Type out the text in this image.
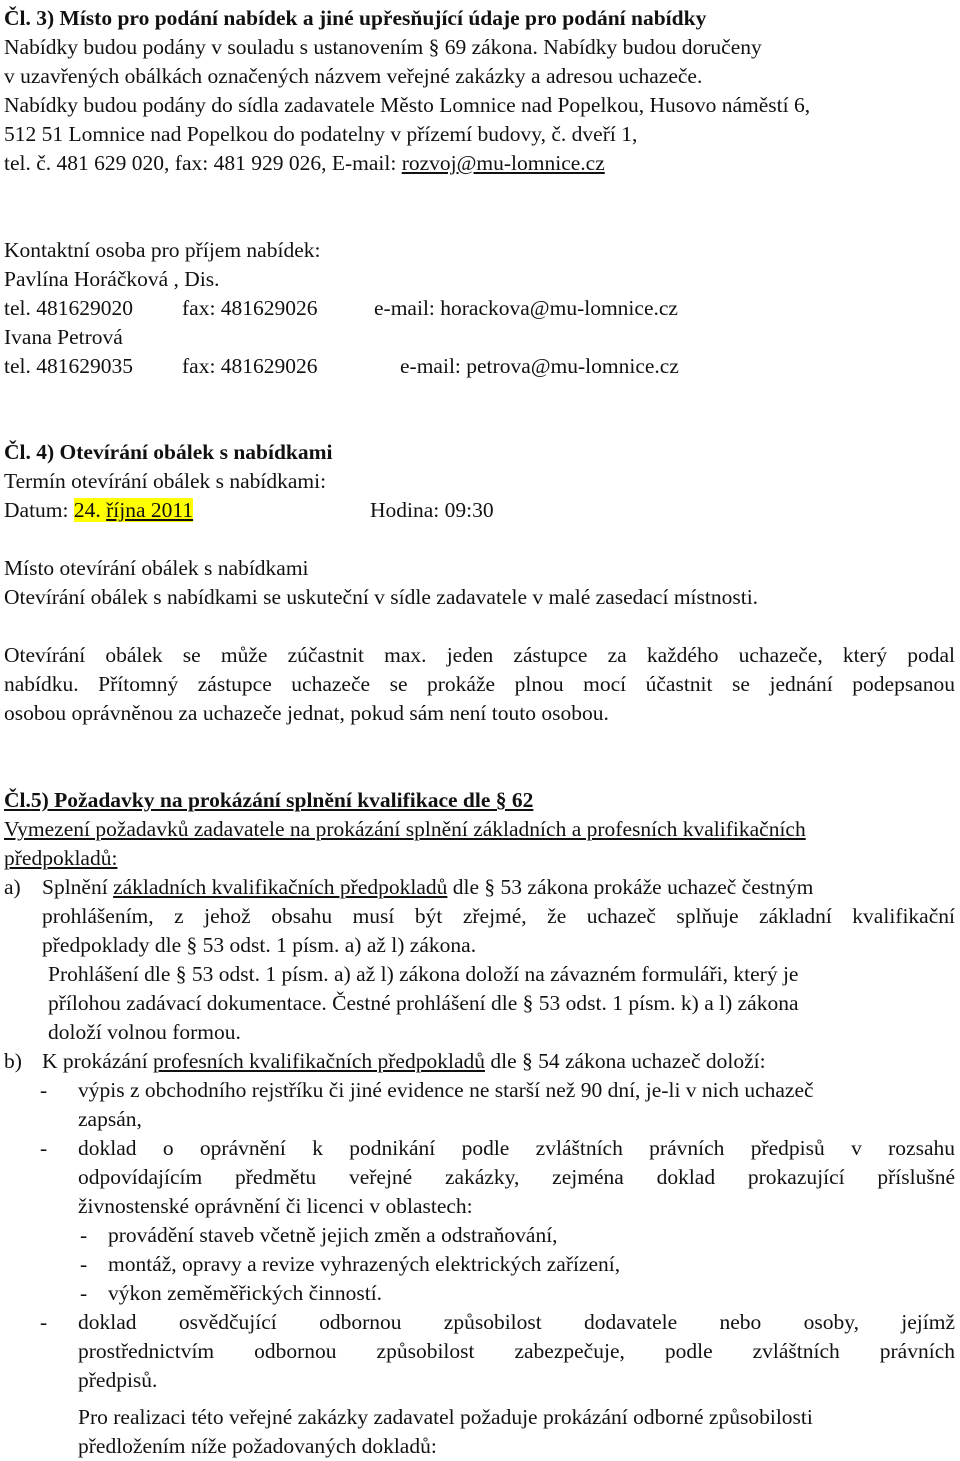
Čl. 3) Místo pro podání nabídek a jiné upřesňující údaje pro podání nabídky
Nabídky budou podány v souladu s ustanovením § 69 zákona. Nabídky budou doručeny
v uzavřených obálkách označených názvem veřejné zakázky a adresou uchazeče.
Nabídky budou podány do sídla zadavatele Město Lomnice nad Popelkou, Husovo náměstí 6,
512 51 Lomnice nad Popelkou do podatelny v přízemí budovy, č. dveří 1,
tel. č. 481 629 020, fax: 481 929 026, E-mail: rozvoj@mu-lomnice.cz
Kontaktní osoba pro příjem nabídek:
Pavlína Horáčková , Dis.
tel. 481629020 fax: 481629026	e-mail: horackova@mu-lomnice.cz
Ivana Petrová
tel. 481629035 fax: 481629026	e-mail: petrova@mu-lomnice.cz
Čl. 4) Otevírání obálek s nabídkami
Termín otevírání obálek s nabídkami:
Datum: 24. října 2011	Hodina: 09:30
Místo otevírání obálek s nabídkami
Otevírání obálek s nabídkami se uskuteční v sídle zadavatele v malé zasedací místnosti.
Otevírání obálek se může zúčastnit max. jeden zástupce za každého uchazeče, který podal
nabídku. Přítomný zástupce uchazeče se prokáže plnou mocí účastnit se jednání podepsanou
osobou oprávněnou za uchazeče jednat, pokud sám není touto osobou.
Čl.5) Požadavky na prokázání splnění kvalifikace dle § 62
Vymezení požadavků zadavatele na prokázání splnění základních a profesních kvalifikačních
předpokladů:
a) Splnění základních kvalifikačních předpokladů dle § 53 zákona prokáže uchazeč čestným
prohlášením, z jehož obsahu musí být zřejmé, že uchazeč splňuje základní kvalifikační
předpoklady dle § 53 odst. 1 písm. a) až l) zákona.
Prohlášení dle § 53 odst. 1 písm. a) až l) zákona doloží na závazném formuláři, který je
přílohou zadávací dokumentace. Čestné prohlášení dle § 53 odst. 1 písm. k) a l) zákona
doloží volnou formou.
b) K prokázání profesních kvalifikačních předpokladů dle § 54 zákona uchazeč doloží:
- výpis z obchodního rejstříku či jiné evidence ne starší než 90 dní, je-li v nich uchazeč
zapsán,
- doklad o oprávnění k podnikání podle zvláštních právních předpisů v rozsahu
odpovídajícím předmětu veřejné zakázky, zejména doklad prokazující příslušné
živnostenské oprávnění či licenci v oblastech:
- provádění staveb včetně jejich změn a odstraňování,
- montáž, opravy a revize vyhrazených elektrických zařízení,
- výkon zeměměřických činností.
- doklad osvědčující odbornou způsobilost dodavatele nebo osoby, jejímž
prostřednictvím odbornou způsobilost zabezpečuje, podle zvláštních právních
předpisů.
Pro realizaci této veřejné zakázky zadavatel požaduje prokázání odborné způsobilosti
předložením níže požadovaných dokladů:
